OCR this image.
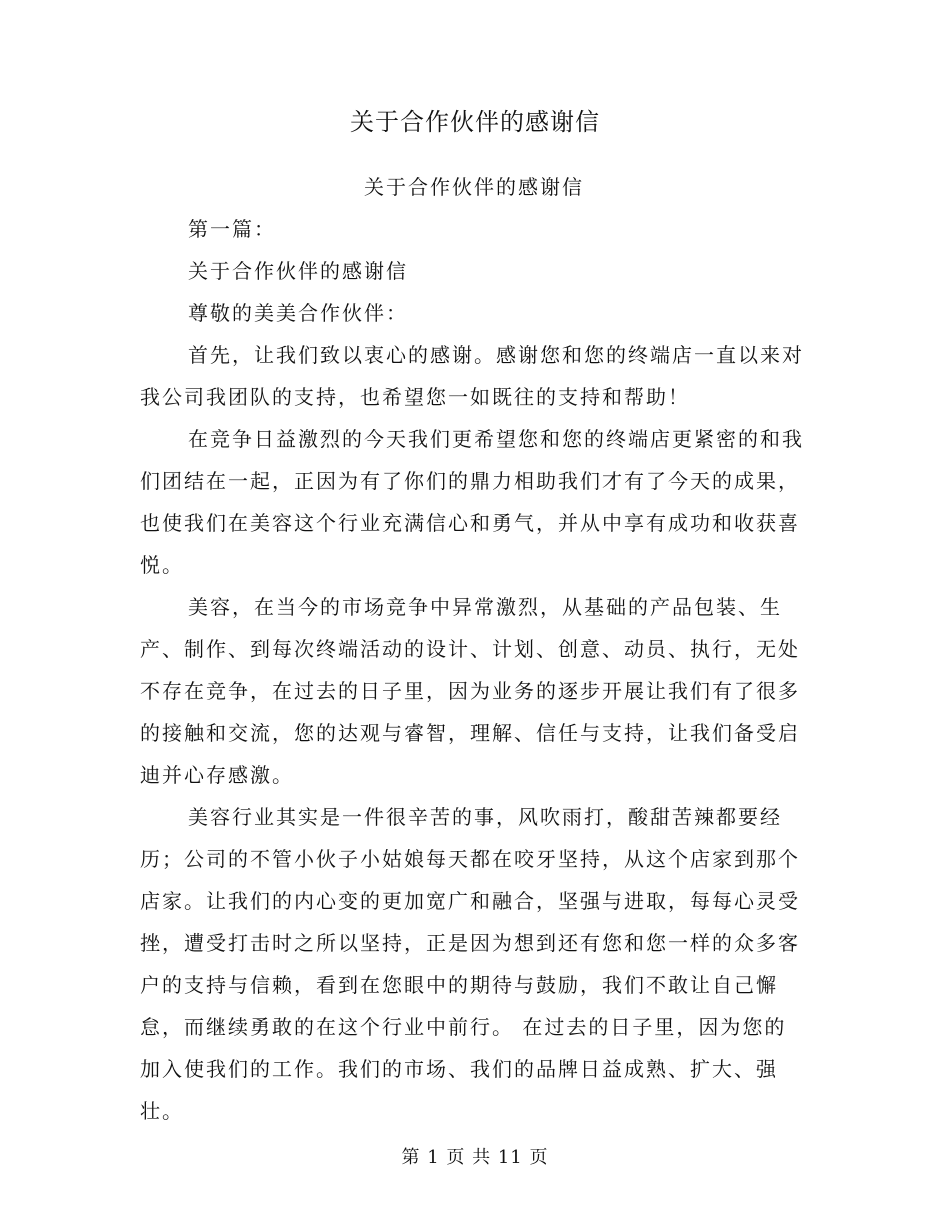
关于合作伙伴的感谢信

关于合作伙伴的感谢信

第一篇：

关于合作伙伴的感谢信

尊敬的美美合作伙伴：

首先，让我们致以衷心的感谢。感谢您和您的终端店一直以来对我公司我团队的支持，也希望您一如既往的支持和帮助！

在竞争日益激烈的今天我们更希望您和您的终端店更紧密的和我们团结在一起，正因为有了你们的鼎力相助我们才有了今天的成果，也使我们在美容这个行业充满信心和勇气，并从中享有成功和收获喜悦。

美容，在当今的市场竞争中异常激烈，从基础的产品包装、生产、制作、到每次终端活动的设计、计划、创意、动员、执行，无处不存在竞争，在过去的日子里，因为业务的逐步开展让我们有了很多的接触和交流，您的达观与睿智，理解、信任与支持，让我们备受启迪并心存感激。

美容行业其实是一件很辛苦的事，风吹雨打，酸甜苦辣都要经历；公司的不管小伙子小姑娘每天都在咬牙坚持，从这个店家到那个店家。让我们的内心变的更加宽广和融合，坚强与进取，每每心灵受挫，遭受打击时之所以坚持，正是因为想到还有您和您一样的众多客户的支持与信赖，看到在您眼中的期待与鼓励，我们不敢让自己懈怠，而继续勇敢的在这个行业中前行。 在过去的日子里，因为您的加入使我们的工作。我们的市场、我们的品牌日益成熟、扩大、强壮。

第 1 页 共 11 页
